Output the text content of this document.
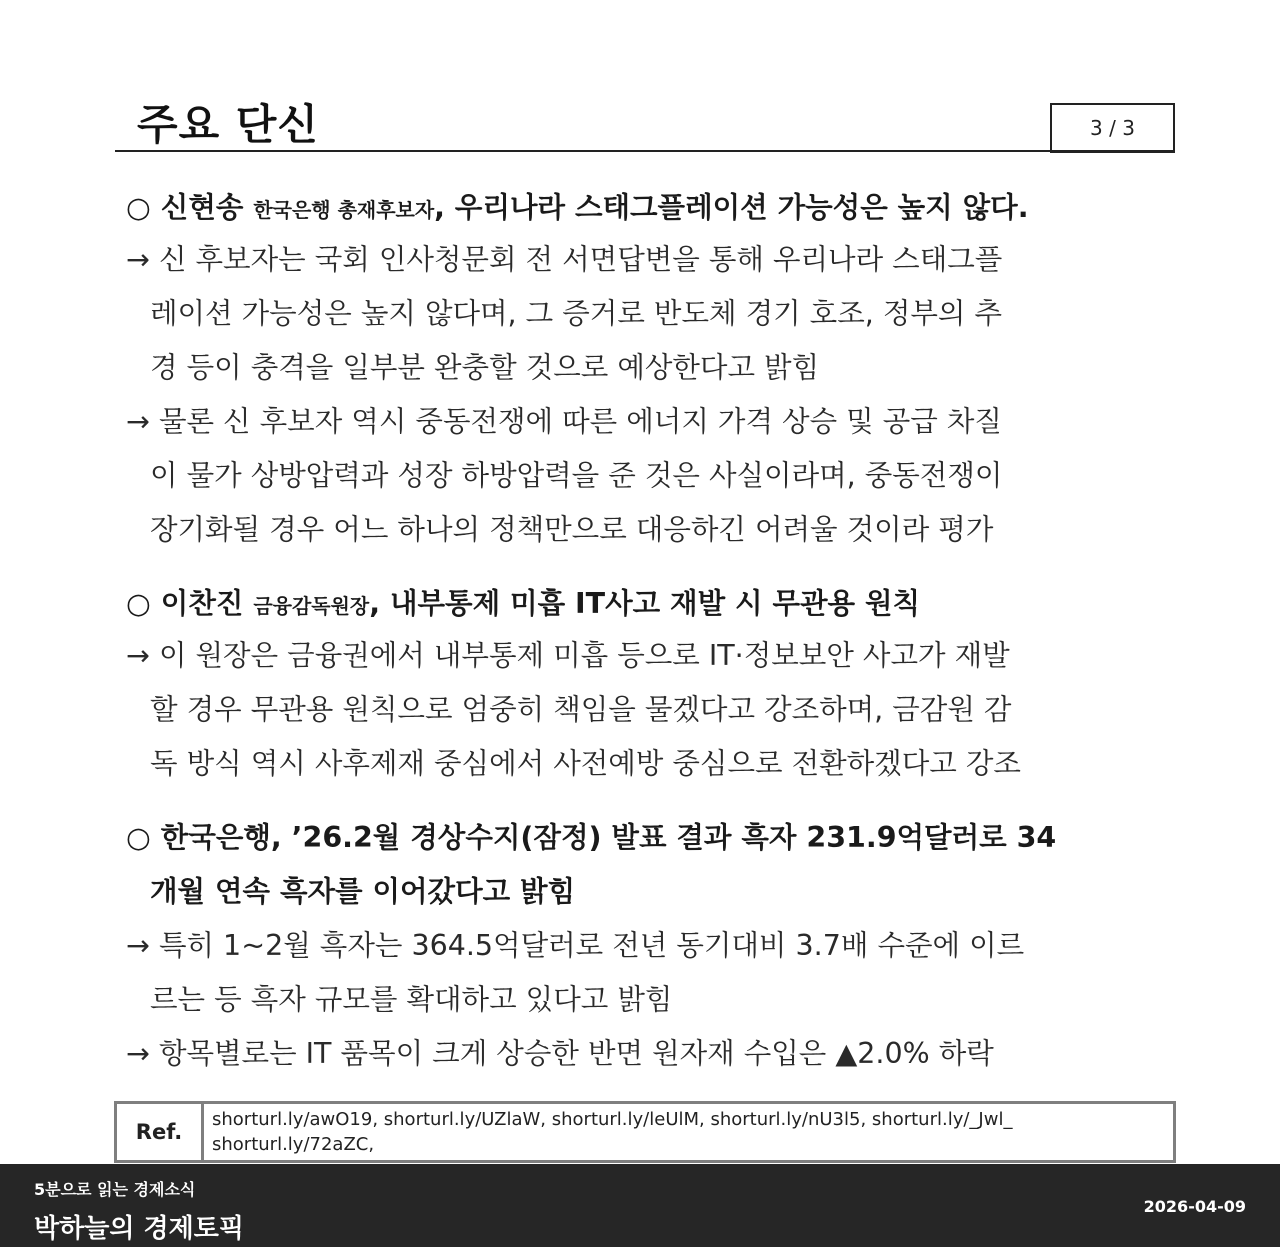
주요 단신	3 / 3
○ 신현송 한국은행 총재후보자, 우리나라 스태그플레이션 가능성은 높지 않다.
→ 신 후보자는 국회 인사청문회 전 서면답변을 통해 우리나라 스태그플
레이션 가능성은 높지 않다며, 그 증거로 반도체 경기 호조, 정부의 추
경 등이 충격을 일부분 완충할 것으로 예상한다고 밝힘
→ 물론 신 후보자 역시 중동전쟁에 따른 에너지 가격 상승 및 공급 차질
이 물가 상방압력과 성장 하방압력을 준 것은 사실이라며, 중동전쟁이
장기화될 경우 어느 하나의 정책만으로 대응하긴 어려울 것이라 평가
○ 이찬진 금융감독원장, 내부통제 미흡 IT사고 재발 시 무관용 원칙
→ 이 원장은 금융권에서 내부통제 미흡 등으로 IT·정보보안 사고가 재발
할 경우 무관용 원칙으로 엄중히 책임을 물겠다고 강조하며, 금감원 감
독 방식 역시 사후제재 중심에서 사전예방 중심으로 전환하겠다고 강조
○ 한국은행, ’26.2월 경상수지(잠정) 발표 결과 흑자 231.9억달러로 34
개월 연속 흑자를 이어갔다고 밝힘
→ 특히 1~2월 흑자는 364.5억달러로 전년 동기대비 3.7배 수준에 이르
르는 등 흑자 규모를 확대하고 있다고 밝힘
→ 항목별로는 IT 품목이 크게 상승한 반면 원자재 수입은 ▲2.0% 하락
Ref.
shorturl.ly/awO19, shorturl.ly/UZlaW, shorturl.ly/leUlM, shorturl.ly/nU3l5, shorturl.ly/_Jwl_
shorturl.ly/72aZC,
5분으로 읽는 경제소식
박하늘의 경제토픽
2026-04-09
